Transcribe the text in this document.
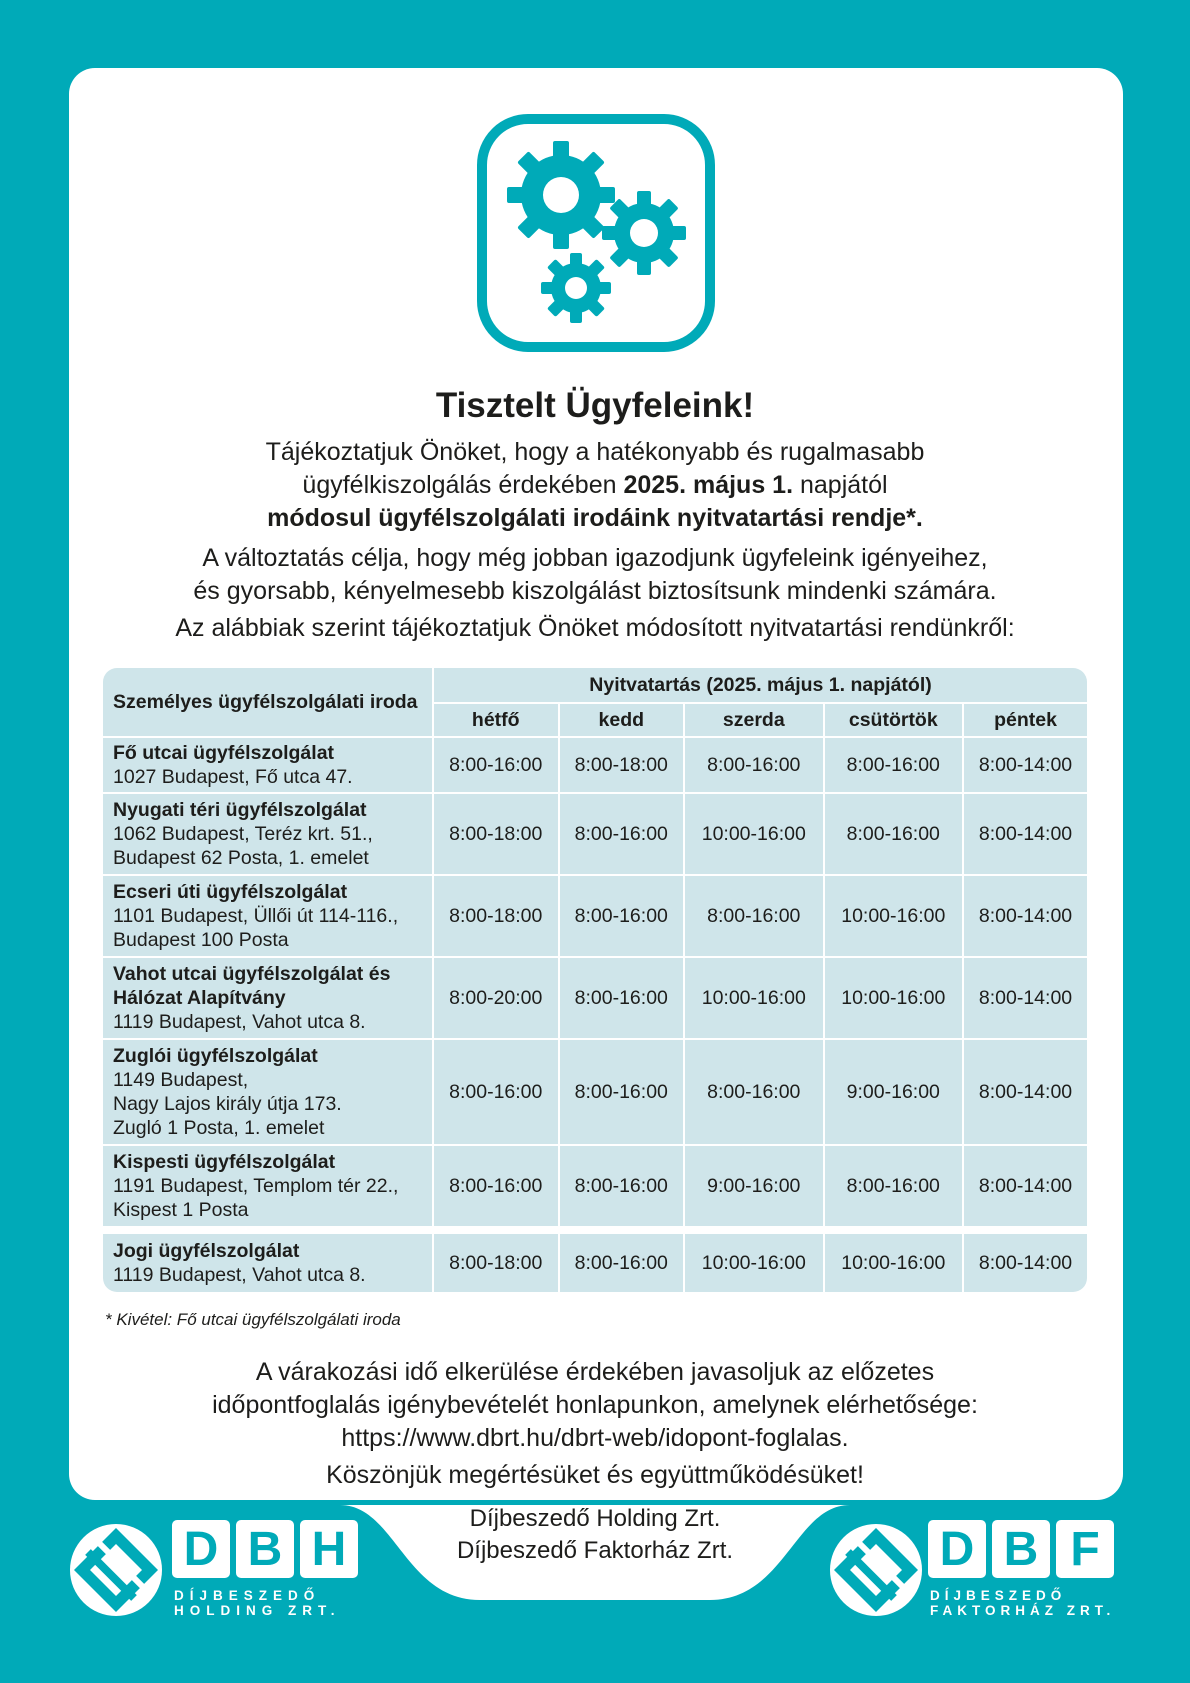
Tisztelt Ügyfeleink!
Tájékoztatjuk Önöket, hogy a hatékonyabb és rugalmasabb
ügyfélkiszolgálás érdekében 2025. május 1. napjától
módosul ügyfélszolgálati irodáink nyitvatartási rendje*.
A változtatás célja, hogy még jobban igazodjunk ügyfeleink igényeihez,
és gyorsabb, kényelmesebb kiszolgálást biztosítsunk mindenki számára.
Az alábbiak szerint tájékoztatjuk Önöket módosított nyitvatartási rendünkről:
Személyes ügyfélszolgálati iroda	Nyitvatartás (2025. május 1. napjától)				
	hétfő	kedd	szerda	csütörtök	péntek

Fő utcai ügyfélszolgálat
1027 Budapest, Fő utca 47.	8:00-16:00	8:00-18:00	8:00-16:00	8:00-16:00	8:00-14:00

Nyugati téri ügyfélszolgálat
1062 Budapest, Teréz krt. 51.,
Budapest 62 Posta, 1. emelet	8:00-18:00	8:00-16:00	10:00-16:00	8:00-16:00	8:00-14:00

Ecseri úti ügyfélszolgálat
1101 Budapest, Üllői út 114-116.,
Budapest 100 Posta	8:00-18:00	8:00-16:00	8:00-16:00	10:00-16:00	8:00-14:00

Vahot utcai ügyfélszolgálat és
Hálózat Alapítvány
1119 Budapest, Vahot utca 8.	8:00-20:00	8:00-16:00	10:00-16:00	10:00-16:00	8:00-14:00

Zuglói ügyfélszolgálat
1149 Budapest,
Nagy Lajos király útja 173.
Zugló 1 Posta, 1. emelet	8:00-16:00	8:00-16:00	8:00-16:00	9:00-16:00	8:00-14:00

Kispesti ügyfélszolgálat
1191 Budapest, Templom tér 22.,
Kispest 1 Posta	8:00-16:00	8:00-16:00	9:00-16:00	8:00-16:00	8:00-14:00

Jogi ügyfélszolgálat
1119 Budapest, Vahot utca 8.	8:00-18:00	8:00-16:00	10:00-16:00	10:00-16:00	8:00-14:00
* Kivétel: Fő utcai ügyfélszolgálati iroda
A várakozási idő elkerülése érdekében javasoljuk az előzetes
időpontfoglalás igénybevételét honlapunkon, amelynek elérhetősége:
https://www.dbrt.hu/dbrt-web/idopont-foglalas.
Köszönjük megértésüket és együttműködésüket!
Díjbeszedő Holding Zrt.
Díjbeszedő Faktorház Zrt.
D B H
DÍJBESZEDŐ
HOLDING ZRT.
D B F
DÍJBESZEDŐ
FAKTORHÁZ ZRT.
